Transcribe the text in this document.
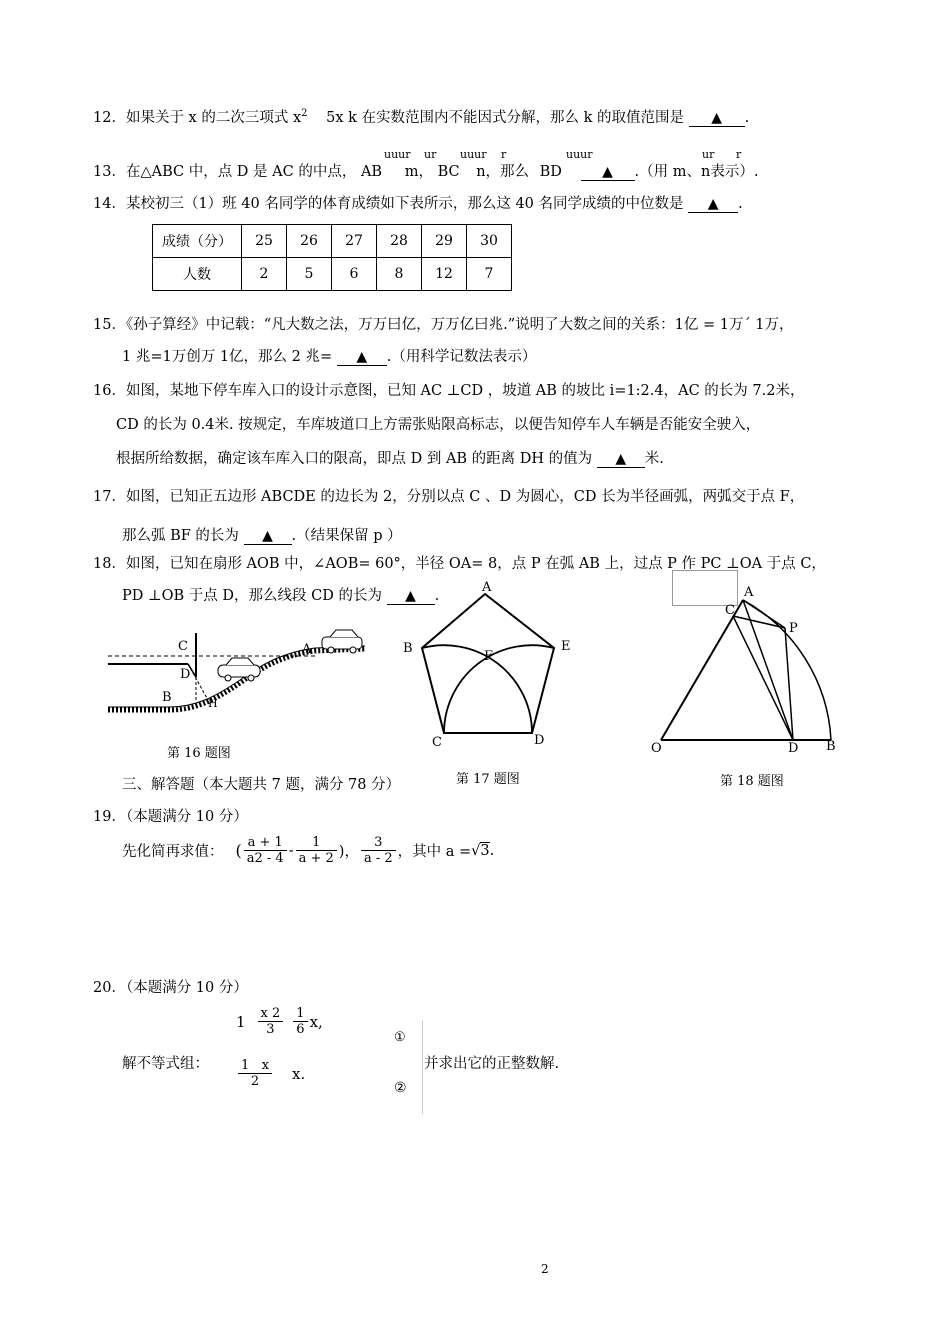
12．如果关于 x 的二次三项式 $x^2$ 5x k 在实数范围内不能因式分解，那么 k 的取值范围是 ▲ .
uuur ur uuur r	uuur	ur r
13．在△ABC 中，点 D 是 AC 的中点， AB m， BC n，那么 BD	▲ .（用 m、n表示）.
14．某校初三（1）班 40 名同学的体育成绩如下表所示，那么这 40 名同学成绩的中位数是 ▲ .
成绩（分）	25	26	27	28	29	30
人数	2	5	6	8	12	7
15．《孙子算经》中记载：“凡大数之法，万万曰亿，万万亿曰兆.”说明了大数之间的关系：1亿 = 1万´ 1万，
1 兆=1万创万 1亿，那么 2 兆= ▲ .（用科学记数法表示）
16．如图，某地下停车库入口的设计示意图，已知 AC ⊥CD ，坡道 AB 的坡比 i=1:2.4，AC 的长为 7.2米，
CD 的长为 0.4米. 按规定，车库坡道口上方需张贴限高标志，以便告知停车人车辆是否能安全驶入，
根据所给数据，确定该车库入口的限高，即点 D 到 AB 的距离 DH 的值为 ▲ 米.
17．如图，已知正五边形 ABCDE 的边长为 2，分别以点 C 、D 为圆心，CD 长为半径画弧，两弧交于点 F，
那么弧 BF 的长为 ▲ .（结果保留 p ）
18．如图，已知在扇形 AOB 中，∠AOB= 60°，半径 OA= 8，点 P 在弧 AB 上，过点 P 作 PC ⊥OA 于点 C，
PD ⊥OB 于点 D，那么线段 CD 的长为 ▲ .
C
D
A
B	H
第 16 题图
A
B	E
F
C	D
第 17 题图
A
C
P
O	D B
第 18 题图
三、解答题（本大题共 7 题，满分 78 分）
19．（本题满分 10 分）
先化简再求值： ( $\frac{a + 1}{a2 - 4} - \frac{1}{a + 2}$ )， $\frac{3}{a - 2}$ ，其中 a = √ 3 .
20．（本题满分 10 分）
解不等式组：
$1 \frac{x 2}{3} \frac{1}{6} x$,
$\frac{1 x}{2} x$.
①
②
并求出它的正整数解.
2
